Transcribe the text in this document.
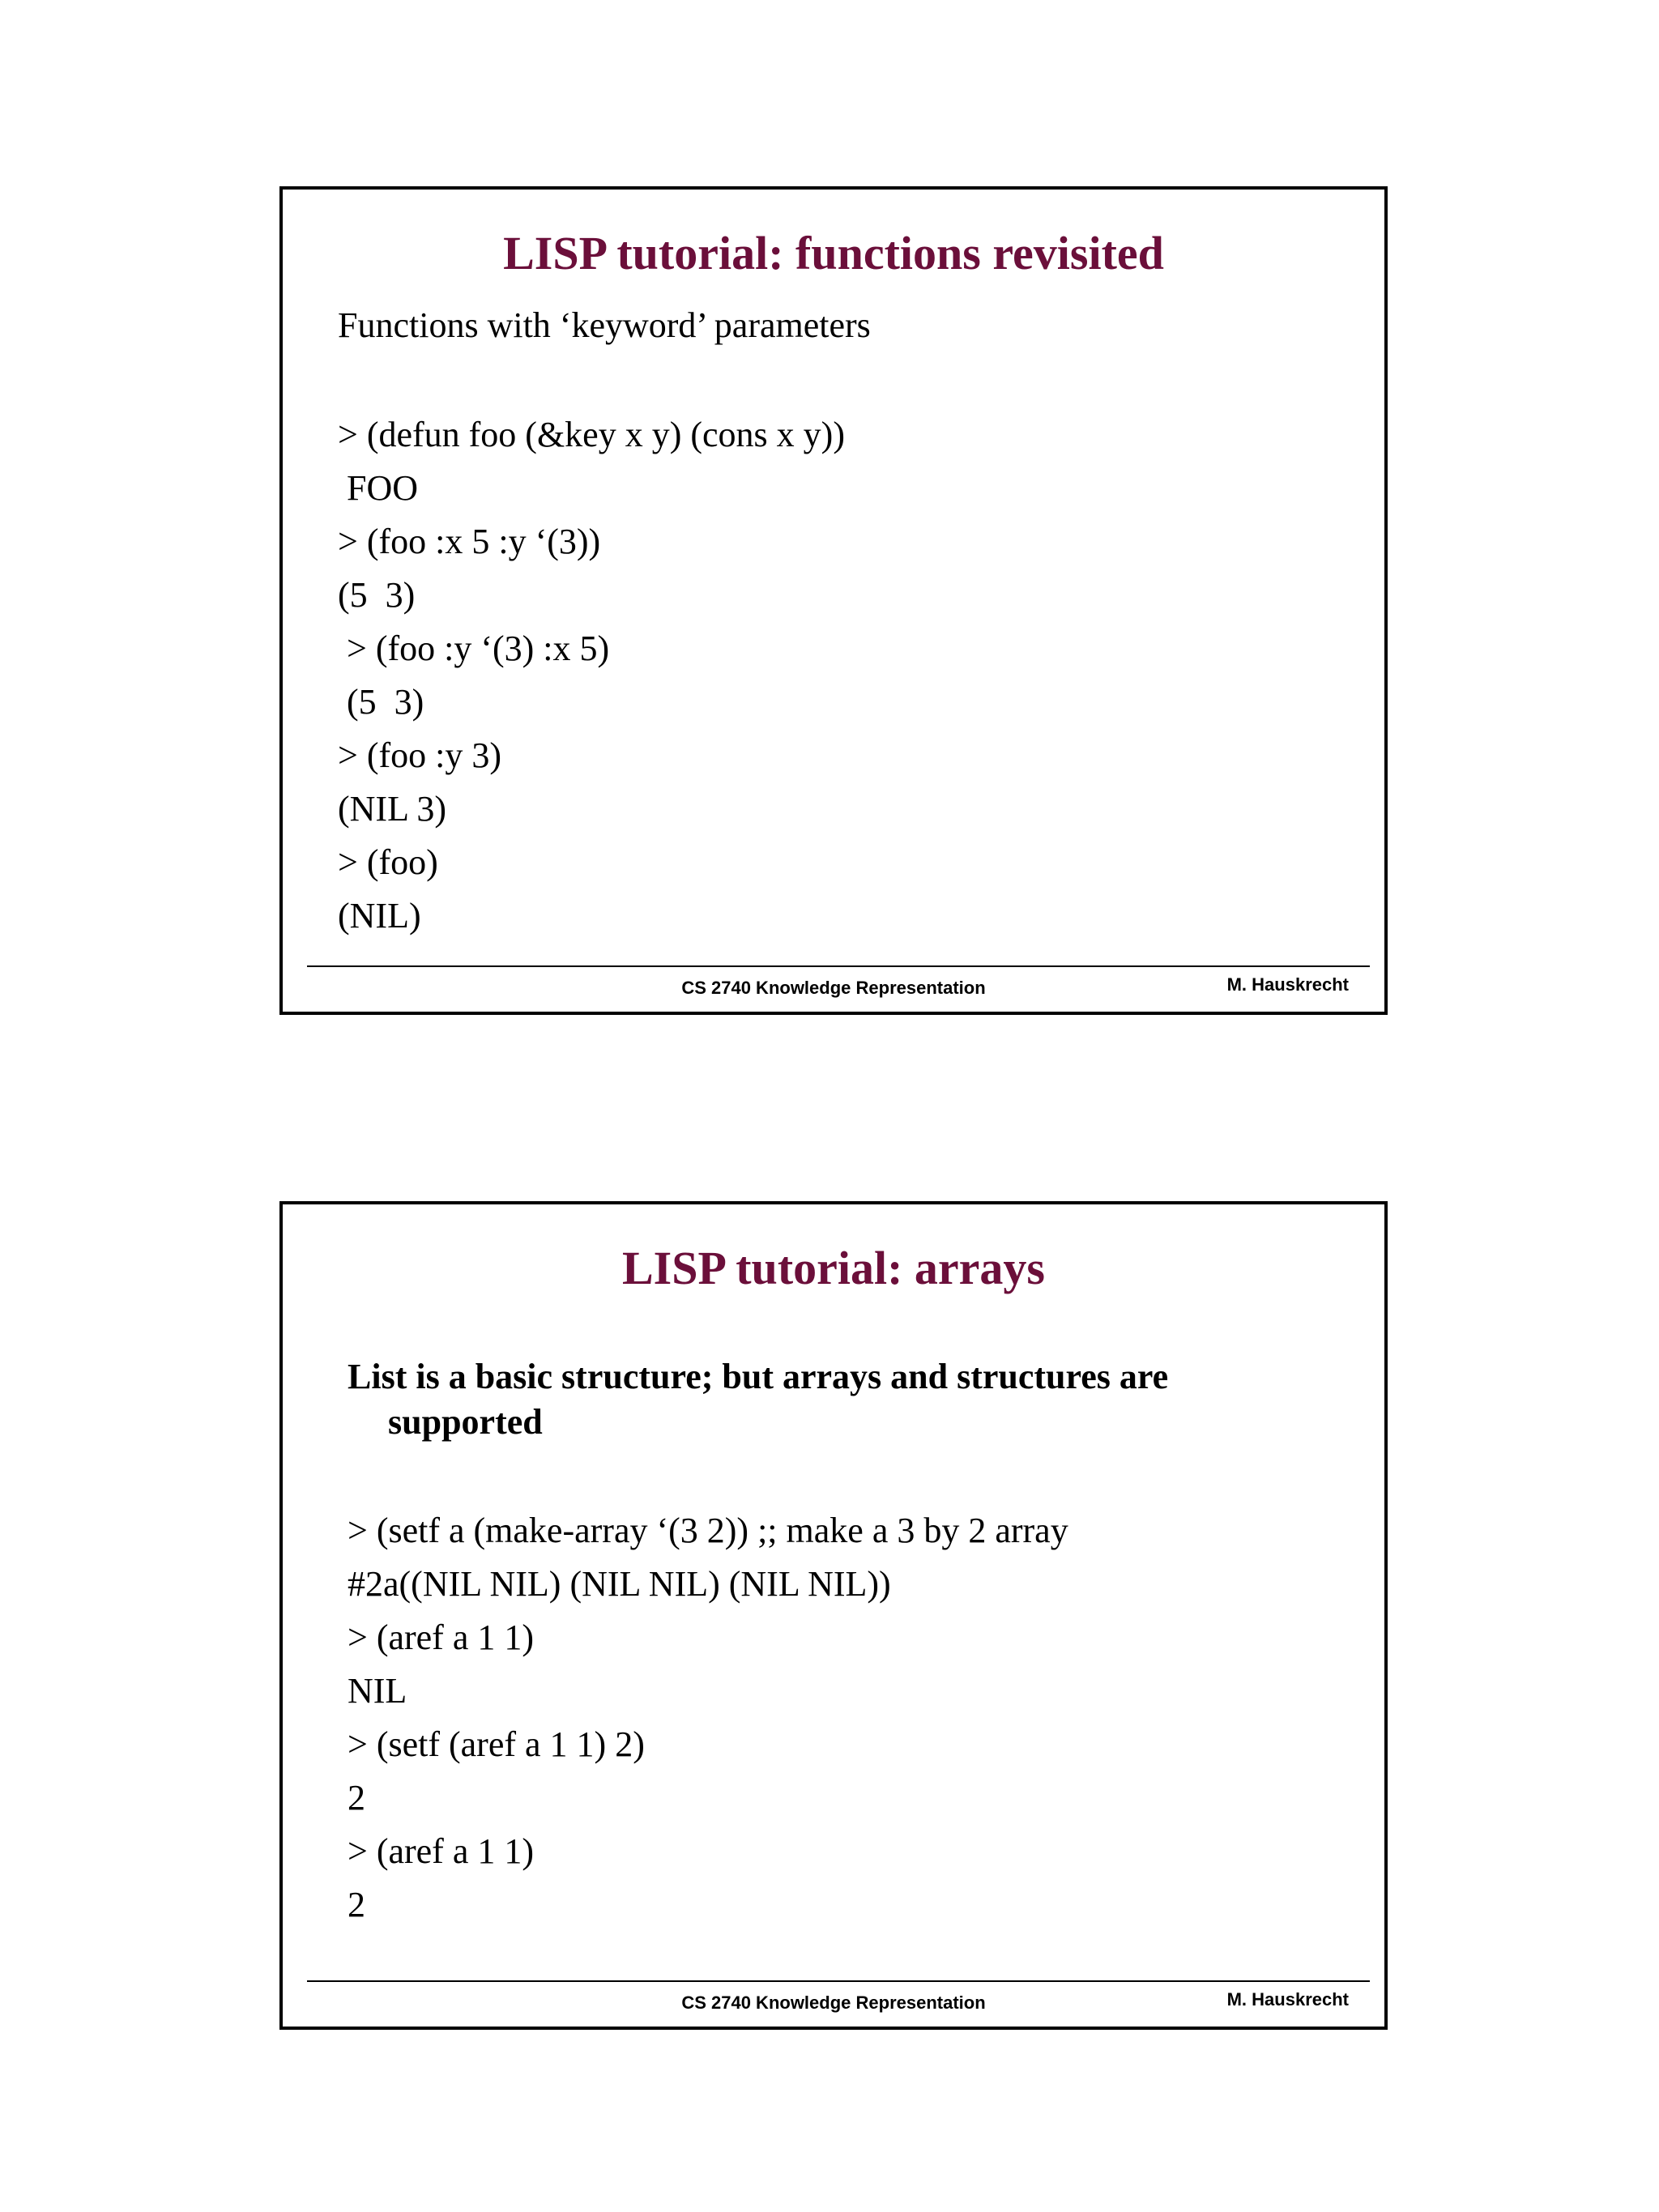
LISP tutorial: functions revisited

Functions with ‘keyword’ parameters

> (defun foo (&key x y) (cons x y))
FOO
> (foo :x 5 :y ‘(3))
(5  3)
> (foo :y ‘(3) :x 5)
(5  3)
> (foo :y 3)
(NIL 3)
> (foo)
(NIL)
CS 2740 Knowledge Representation	M. Hauskrecht
LISP tutorial: arrays

List is a basic structure; but arrays and structures are
supported

> (setf a (make-array ‘(3 2)) ;; make a 3 by 2 array
#2a((NIL NIL) (NIL NIL) (NIL NIL))
> (aref a 1 1)
NIL
> (setf (aref a 1 1) 2)
2
> (aref a 1 1)
2
CS 2740 Knowledge Representation	M. Hauskrecht
